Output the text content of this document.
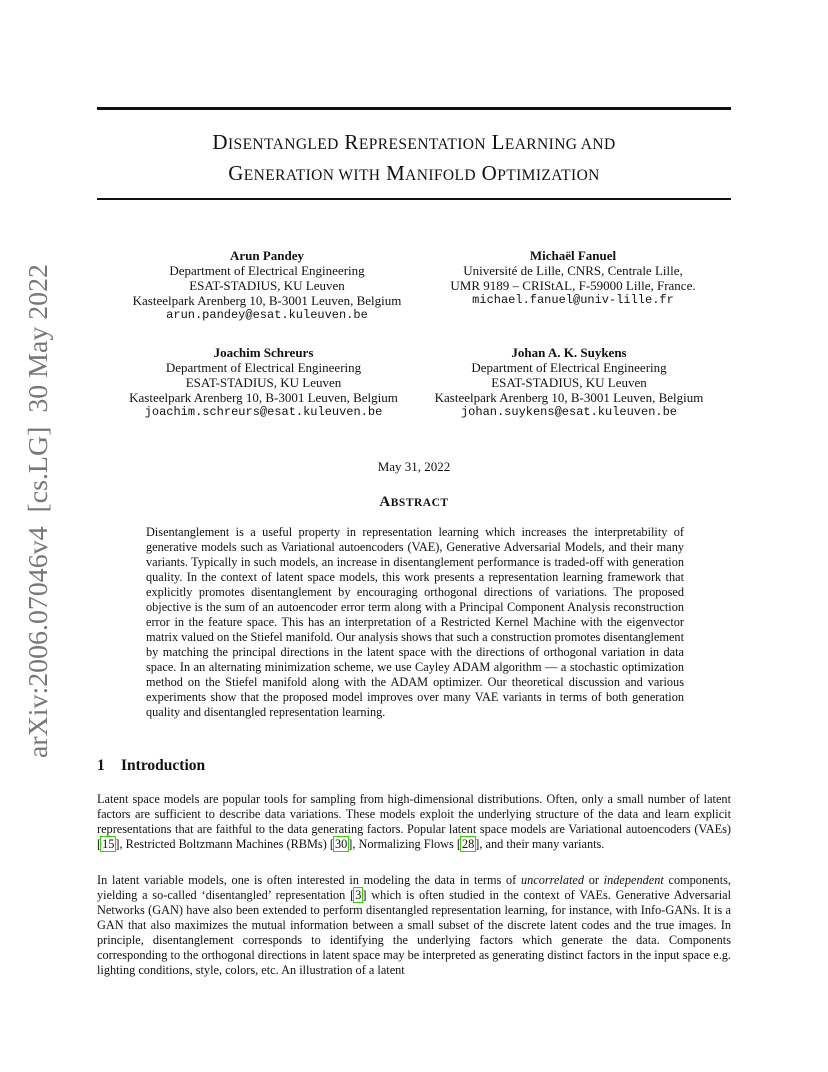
arXiv:2006.07046v4  [cs.LG]  30 May 2022
DISENTANGLED REPRESENTATION LEARNING AND
GENERATION WITH MANIFOLD OPTIMIZATION
Arun Pandey
Department of Electrical Engineering
ESAT-STADIUS, KU Leuven
Kasteelpark Arenberg 10, B-3001 Leuven, Belgium
arun.pandey@esat.kuleuven.be
Michaël Fanuel
Université de Lille, CNRS, Centrale Lille,
UMR 9189 – CRIStAL, F-59000 Lille, France.
michael.fanuel@univ-lille.fr
Joachim Schreurs
Department of Electrical Engineering
ESAT-STADIUS, KU Leuven
Kasteelpark Arenberg 10, B-3001 Leuven, Belgium
joachim.schreurs@esat.kuleuven.be
Johan A. K. Suykens
Department of Electrical Engineering
ESAT-STADIUS, KU Leuven
Kasteelpark Arenberg 10, B-3001 Leuven, Belgium
johan.suykens@esat.kuleuven.be
May 31, 2022
ABSTRACT
Disentanglement is a useful property in representation learning which increases the interpretability of generative models such as Variational autoencoders (VAE), Generative Adversarial Models, and their many variants. Typically in such models, an increase in disentanglement performance is traded-off with generation quality. In the context of latent space models, this work presents a representation learning framework that explicitly promotes disentanglement by encouraging orthogonal directions of variations. The proposed objective is the sum of an autoencoder error term along with a Principal Component Analysis reconstruction error in the feature space. This has an interpretation of a Restricted Kernel Machine with the eigenvector matrix valued on the Stiefel manifold. Our analysis shows that such a construction promotes disentanglement by matching the principal directions in the latent space with the directions of orthogonal variation in data space. In an alternating minimization scheme, we use Cayley ADAM algorithm — a stochastic optimization method on the Stiefel manifold along with the ADAM optimizer. Our theoretical discussion and various experiments show that the proposed model improves over many VAE variants in terms of both generation quality and disentangled representation learning.
1 Introduction
Latent space models are popular tools for sampling from high-dimensional distributions. Often, only a small number of latent factors are sufficient to describe data variations. These models exploit the underlying structure of the data and learn explicit representations that are faithful to the data generating factors. Popular latent space models are Variational autoencoders (VAEs) [15], Restricted Boltzmann Machines (RBMs) [30], Normalizing Flows [28], and their many variants.
In latent variable models, one is often interested in modeling the data in terms of uncorrelated or independent components, yielding a so-called ‘disentangled’ representation [3] which is often studied in the context of VAEs. Generative Adversarial Networks (GAN) have also been extended to perform disentangled representation learning, for instance, with Info-GANs. It is a GAN that also maximizes the mutual information between a small subset of the discrete latent codes and the true images. In principle, disentanglement corresponds to identifying the underlying factors which generate the data. Components corresponding to the orthogonal directions in latent space may be interpreted as generating distinct factors in the input space e.g. lighting conditions, style, colors, etc. An illustration of a latent
